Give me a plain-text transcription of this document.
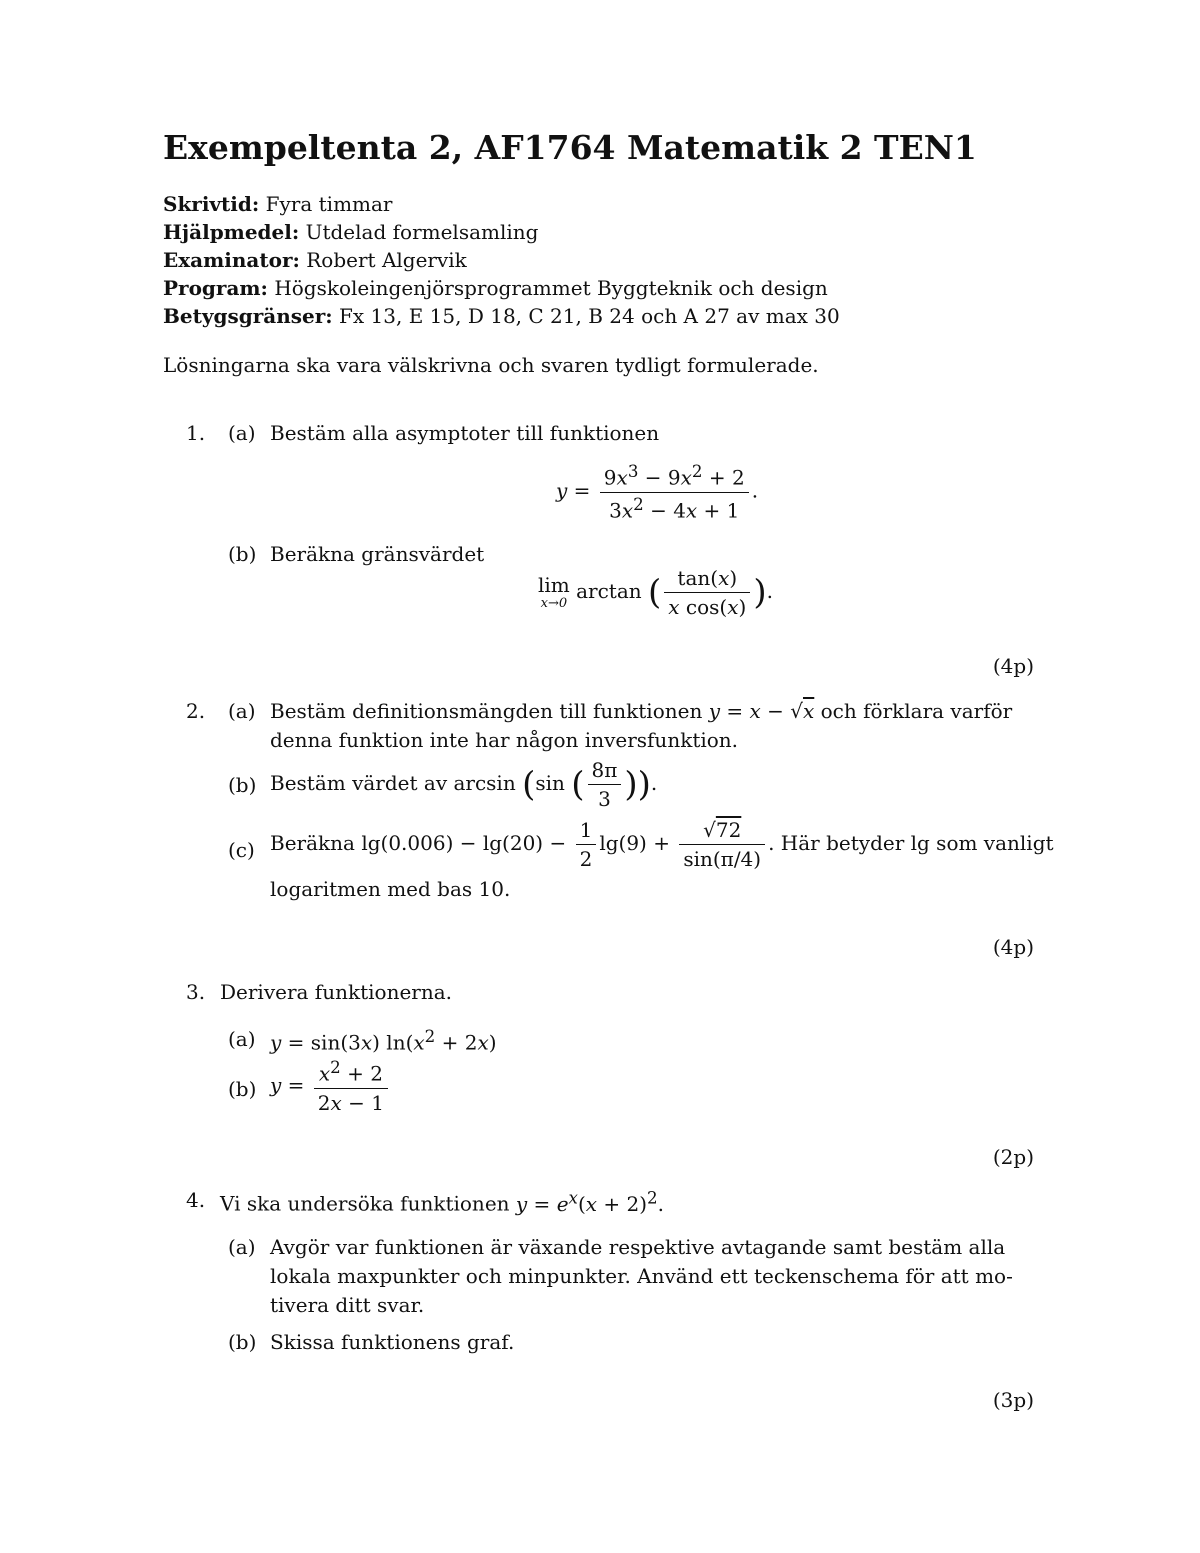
Exempeltenta 2, AF1764 Matematik 2 TEN1
Skrivtid: Fyra timmar
Hjälpmedel: Utdelad formelsamling
Examinator: Robert Algervik
Program: Högskoleingenjörsprogrammet Byggteknik och design
Betygsgränser: Fx 13, E 15, D 18, C 21, B 24 och A 27 av max 30
Lösningarna ska vara välskrivna och svaren tydligt formulerade.
1. (a) Bestäm alla asymptoter till funktionen
$y = \frac{9x^3 - 9x^2 + 2}{3x^2 - 4x + 1}$ .
(b) Beräkna gränsvärdet
lim
x→0
arctan ( $\frac{\tan(x)}{\text{x cos(x)}}$ ).
(4p)
2. (a) Bestäm definitionsmängden till funktionen y = x − √x och förklara varför
denna funktion inte har någon inversfunktion.
(b) Bestäm värdet av arcsin (sin ( $\frac{8\pi}{3}$ )).
(c) Beräkna $\lg(0.006) - \lg(20) - \frac{1}{2} \lg(9) + \frac{√72}{\sin(\pi/4)}$ . Här betyder lg som vanligt
logaritmen med bas 10.
(4p)
3. Derivera funktionerna.
(a) y = sin(3x) $\ln(x^2 + 2x)$
(b) $y = \frac{x^2 + 2}{2x - 1}$
(2p)
4. Vi ska undersöka funktionen $y = e^x(x + 2)^2$.
(a) Avgör var funktionen är växande respektive avtagande samt bestäm alla
lokala maxpunkter och minpunkter. Använd ett teckenschema för att mo-
tivera ditt svar.
(b) Skissa funktionens graf.
(3p)
